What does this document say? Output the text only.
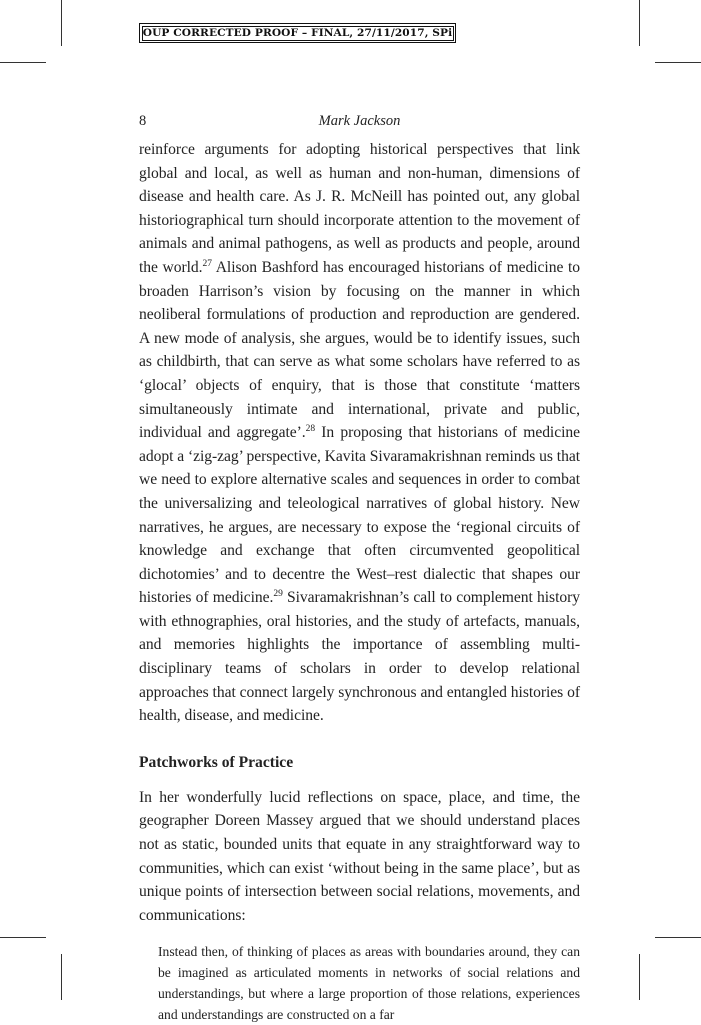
OUP CORRECTED PROOF – FINAL, 27/11/2017, SPi
8	Mark Jackson

reinforce arguments for adopting historical perspectives that link global and local, as well as human and non-human, dimensions of disease and health care. As J. R. McNeill has pointed out, any global historiographical turn should incorporate attention to the movement of animals and animal pathogens, as well as products and people, around the world.$^{27}$ Alison Bashford has encouraged historians of medicine to broaden Harrison’s vision by focusing on the manner in which neoliberal formulations of production and reproduction are gendered. A new mode of analysis, she argues, would be to identify issues, such as childbirth, that can serve as what some scholars have referred to as ‘glocal’ objects of enquiry, that is those that constitute ‘matters simultaneously intimate and international, private and public, individual and aggregate’.$^{28}$ In proposing that historians of medicine adopt a ‘zig-zag’ perspective, Kavita Sivaramakrishnan reminds us that we need to explore alternative scales and sequences in order to combat the universalizing and teleological narratives of global history. New narratives, he argues, are necessary to expose the ‘regional circuits of knowledge and exchange that often circumvented geopolitical dichotomies’ and to decentre the West–rest dialectic that shapes our histories of medicine.$^{29}$ Sivaramakrishnan’s call to complement history with ethnographies, oral histories, and the study of artefacts, manuals, and memories highlights the importance of assembling multi-disciplinary teams of scholars in order to develop relational approaches that connect largely synchronous and entangled histories of health, disease, and medicine.

Patchworks of Practice

In her wonderfully lucid reflections on space, place, and time, the geographer Doreen Massey argued that we should understand places not as static, bounded units that equate in any straightforward way to communities, which can exist ‘without being in the same place’, but as unique points of intersection between social relations, movements, and communications:

Instead then, of thinking of places as areas with boundaries around, they can be imagined as articulated moments in networks of social relations and understandings, but where a large proportion of those relations, experiences and understandings are constructed on a far
